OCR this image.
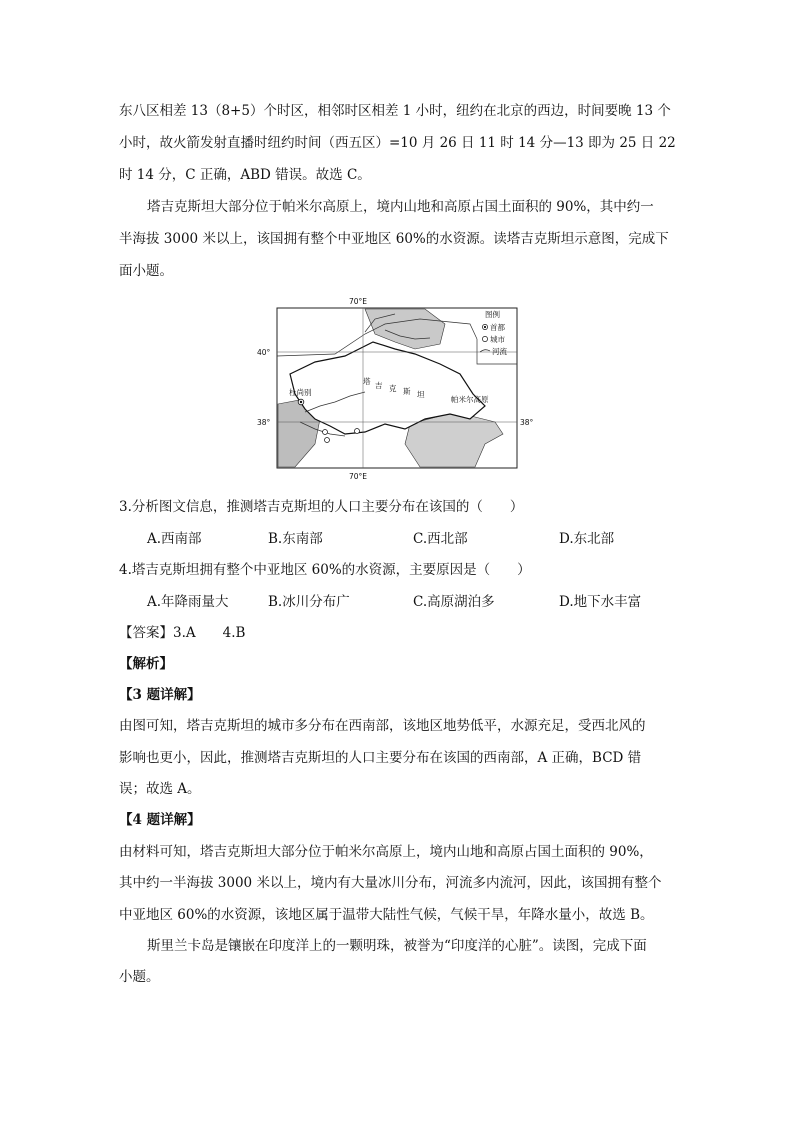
东八区相差 13（8+5）个时区，相邻时区相差 1 小时，纽约在北京的西边，时间要晚 13 个
小时，故火箭发射直播时纽约时间（西五区）=10 月 26 日 11 时 14 分—13 即为 25 日 22
时 14 分，C 正确，ABD 错误。故选 C。
塔吉克斯坦大部分位于帕米尔高原上，境内山地和高原占国土面积的 90%，其中约一
半海拔 3000 米以上，该国拥有整个中亚地区 60%的水资源。读塔吉克斯坦示意图，完成下
面小题。
70°E
70°E
40°
38°	38°
图例
首都
城市
河流
杜尚别
塔 吉 克 斯 坦
帕米尔高原
3.分析图文信息，推测塔吉克斯坦的人口主要分布在该国的（　　）
A.西南部	B.东南部	C.西北部	D.东北部
4.塔吉克斯坦拥有整个中亚地区 60%的水资源，主要原因是（　　）
A.年降雨量大	B.冰川分布广	C.高原湖泊多	D.地下水丰富
【答案】3.A　　4.B
【解析】
【3 题详解】
由图可知，塔吉克斯坦的城市多分布在西南部，该地区地势低平，水源充足，受西北风的
影响也更小，因此，推测塔吉克斯坦的人口主要分布在该国的西南部，A 正确，BCD 错
误；故选 A。
【4 题详解】
由材料可知，塔吉克斯坦大部分位于帕米尔高原上，境内山地和高原占国土面积的 90%，
其中约一半海拔 3000 米以上，境内有大量冰川分布，河流多内流河，因此，该国拥有整个
中亚地区 60%的水资源，该地区属于温带大陆性气候，气候干旱，年降水量小，故选 B。
斯里兰卡岛是镶嵌在印度洋上的一颗明珠，被誉为“印度洋的心脏”。读图，完成下面
小题。
